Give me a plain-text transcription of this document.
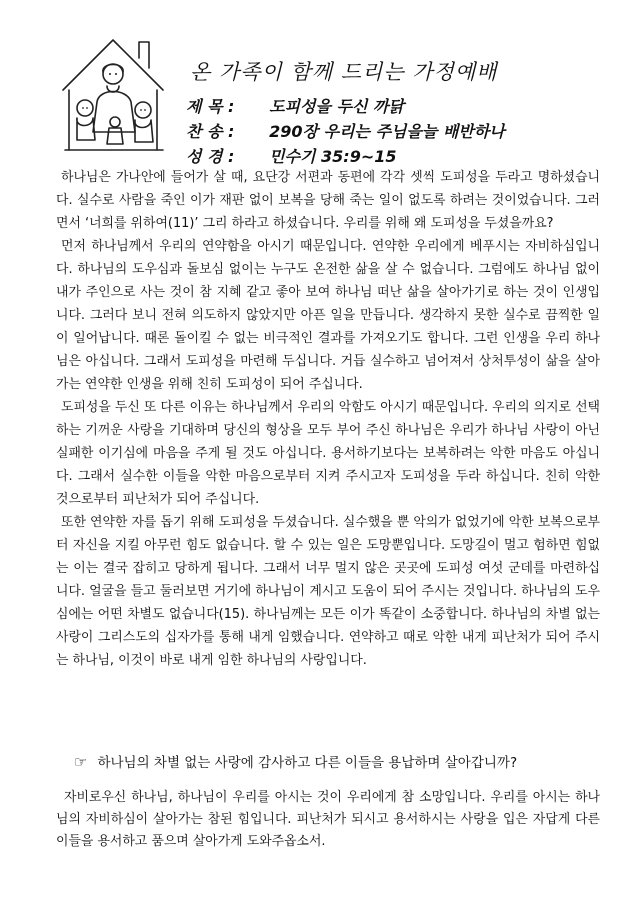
온 가족이 함께 드리는 가정예배
제 목 : 도피성을 두신 까닭
찬 송 : 290장 우리는 주님을늘 배반하나
성 경 : 민수기 35:9~15

하나님은 가나안에 들어가 살 때, 요단강 서편과 동편에 각각 셋씩 도피성을 두라고 명하셨습니다. 실수로 사람을 죽인 이가 재판 없이 보복을 당해 죽는 일이 없도록 하려는 것이었습니다. 그러면서 ‘너희를 위하여(11)’ 그리 하라고 하셨습니다. 우리를 위해 왜 도피성을 두셨을까요?

먼저 하나님께서 우리의 연약함을 아시기 때문입니다. 연약한 우리에게 베푸시는 자비하심입니다. 하나님의 도우심과 돌보심 없이는 누구도 온전한 삶을 살 수 없습니다. 그럼에도 하나님 없이 내가 주인으로 사는 것이 참 지혜 같고 좋아 보여 하나님 떠난 삶을 살아가기로 하는 것이 인생입니다. 그러다 보니 전혀 의도하지 않았지만 아픈 일을 만듭니다. 생각하지 못한 실수로 끔찍한 일이 일어납니다. 때론 돌이킬 수 없는 비극적인 결과를 가져오기도 합니다. 그런 인생을 우리 하나님은 아십니다. 그래서 도피성을 마련해 두십니다. 거듭 실수하고 넘어져서 상처투성이 삶을 살아가는 연약한 인생을 위해 친히 도피성이 되어 주십니다.

도피성을 두신 또 다른 이유는 하나님께서 우리의 악함도 아시기 때문입니다. 우리의 의지로 선택하는 기꺼운 사랑을 기대하며 당신의 형상을 모두 부어 주신 하나님은 우리가 하나님 사랑이 아닌 실패한 이기심에 마음을 주게 될 것도 아십니다. 용서하기보다는 보복하려는 악한 마음도 아십니다. 그래서 실수한 이들을 악한 마음으로부터 지켜 주시고자 도피성을 두라 하십니다. 친히 악한 것으로부터 피난처가 되어 주십니다.

또한 연약한 자를 돕기 위해 도피성을 두셨습니다. 실수했을 뿐 악의가 없었기에 악한 보복으로부터 자신을 지킬 아무런 힘도 없습니다. 할 수 있는 일은 도망뿐입니다. 도망길이 멀고 험하면 힘없는 이는 결국 잡히고 당하게 됩니다. 그래서 너무 멀지 않은 곳곳에 도피성 여섯 군데를 마련하십니다. 얼굴을 들고 둘러보면 거기에 하나님이 계시고 도움이 되어 주시는 것입니다. 하나님의 도우심에는 어떤 차별도 없습니다(15). 하나님께는 모든 이가 똑같이 소중합니다. 하나님의 차별 없는 사랑이 그리스도의 십자가를 통해 내게 임했습니다. 연약하고 때로 악한 내게 피난처가 되어 주시는 하나님, 이것이 바로 내게 임한 하나님의 사랑입니다.

☞ 하나님의 차별 없는 사랑에 감사하고 다른 이들을 용납하며 살아갑니까?

자비로우신 하나님, 하나님이 우리를 아시는 것이 우리에게 참 소망입니다. 우리를 아시는 하나님의 자비하심이 살아가는 참된 힘입니다. 피난처가 되시고 용서하시는 사랑을 입은 자답게 다른 이들을 용서하고 품으며 살아가게 도와주옵소서.
